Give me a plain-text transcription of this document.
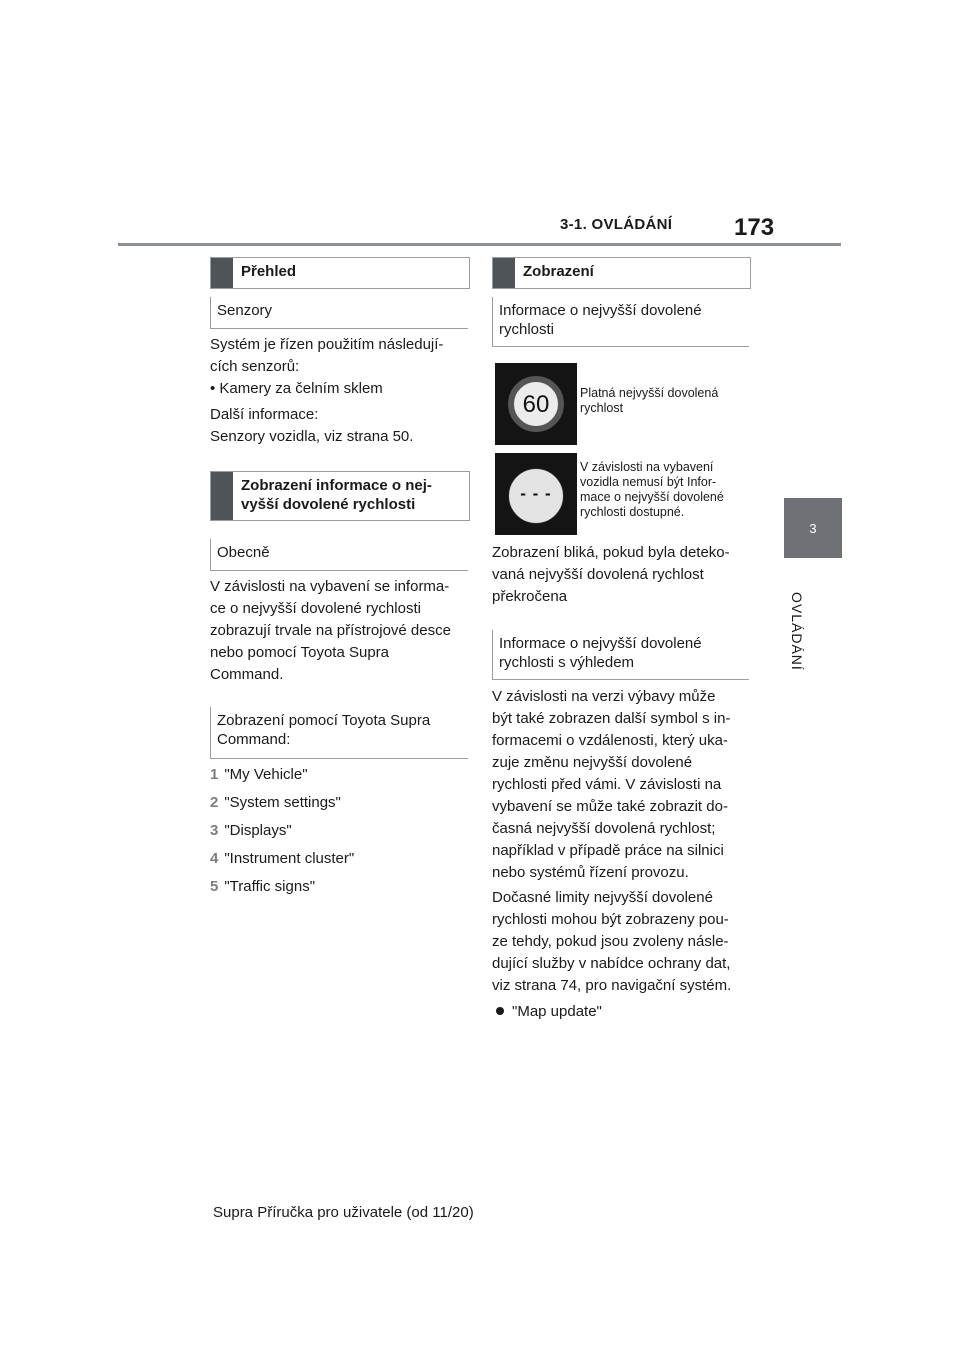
3-1. OVLÁDÁNÍ	173
3
OVLÁDÁNÍ
Přehled
Senzory

Systém je řízen použitím následují-

cích senzorů:

• Kamery za čelním sklem

Další informace:

Senzory vozidla, viz strana 50.

Zobrazení informace o nej-
vyšší dovolené rychlosti
Obecně

V závislosti na vybavení se informa-

ce o nejvyšší dovolené rychlosti

zobrazují trvale na přístrojové desce

nebo pomocí Toyota Supra

Command.

Zobrazení pomocí Toyota Supra
Command:

1 "My Vehicle"

2 "System settings"

3 "Displays"

4 "Instrument cluster"

5 "Traffic signs"

Zobrazení
Informace o nejvyšší dovolené
rychlosti
60	Platná nejvyšší dovolená
rychlost
- - -
V závislosti na vybavení
vozidla nemusí být Infor-
mace o nejvyšší dovolené
rychlosti dostupné.

Zobrazení bliká, pokud byla deteko-

vaná nejvyšší dovolená rychlost

překročena

Informace o nejvyšší dovolené
rychlosti s výhledem

V závislosti na verzi výbavy může

být také zobrazen další symbol s in-

formacemi o vzdálenosti, který uka-

zuje změnu nejvyšší dovolené

rychlosti před vámi. V závislosti na

vybavení se může také zobrazit do-

časná nejvyšší dovolená rychlost;

například v případě práce na silnici

nebo systémů řízení provozu.

Dočasné limity nejvyšší dovolené

rychlosti mohou být zobrazeny pou-

ze tehdy, pokud jsou zvoleny násle-

dující služby v nabídce ochrany dat,

viz strana 74, pro navigační systém.

"Map update"

Supra Příručka pro uživatele (od 11/20)
